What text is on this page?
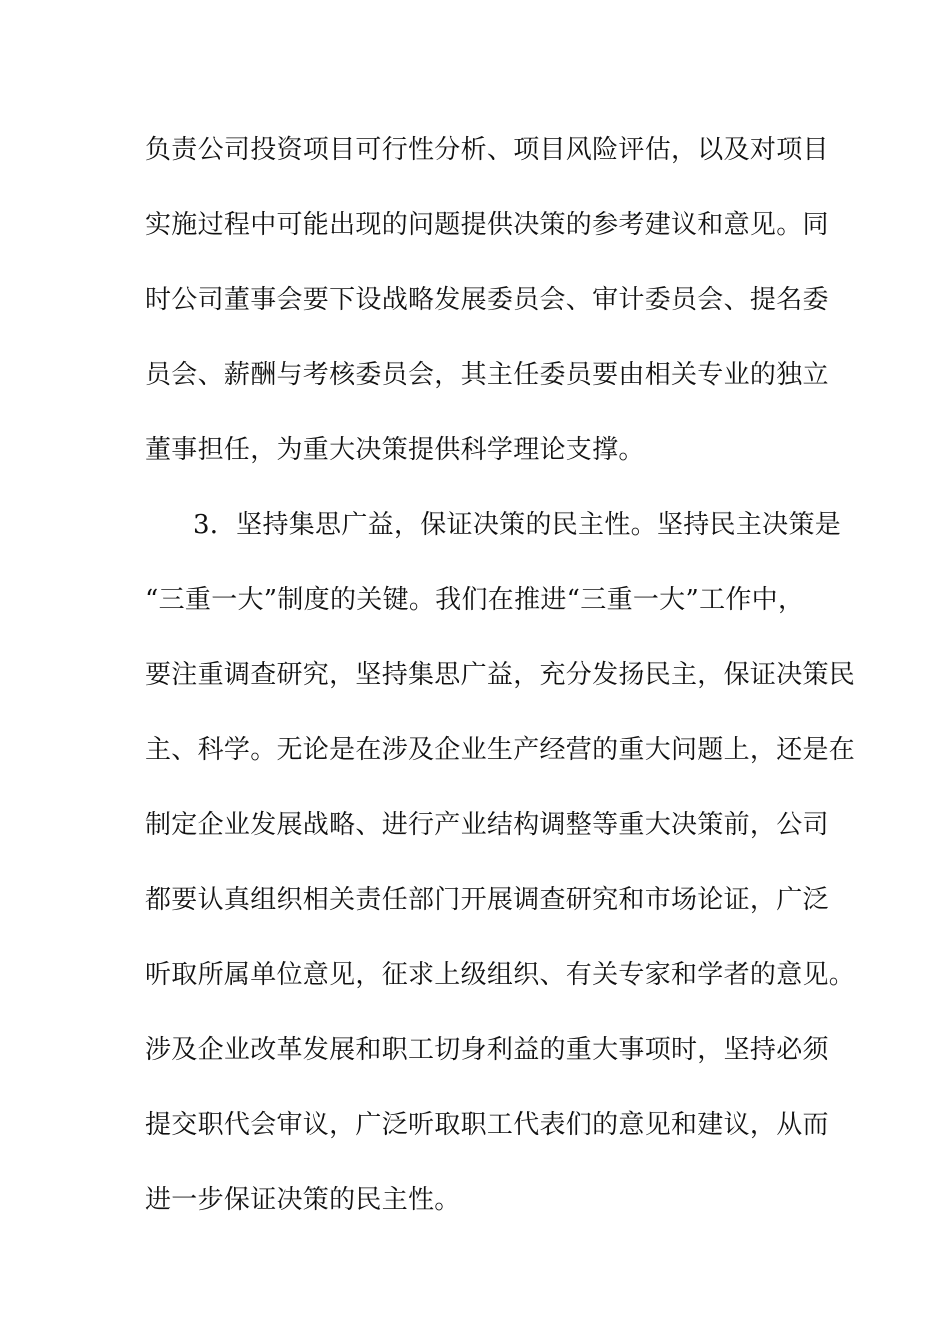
负责公司投资项目可行性分析、项目风险评估，以及对项目
实施过程中可能出现的问题提供决策的参考建议和意见。同
时公司董事会要下设战略发展委员会、审计委员会、提名委
员会、薪酬与考核委员会，其主任委员要由相关专业的独立
董事担任，为重大决策提供科学理论支撑。
3．坚持集思广益，保证决策的民主性。坚持民主决策是
“三重一大”制度的关键。我们在推进“三重一大”工作中，
要注重调查研究，坚持集思广益，充分发扬民主，保证决策民
主、科学。无论是在涉及企业生产经营的重大问题上，还是在
制定企业发展战略、进行产业结构调整等重大决策前，公司
都要认真组织相关责任部门开展调查研究和市场论证，广泛
听取所属单位意见，征求上级组织、有关专家和学者的意见。
涉及企业改革发展和职工切身利益的重大事项时，坚持必须
提交职代会审议，广泛听取职工代表们的意见和建议，从而
进一步保证决策的民主性。
